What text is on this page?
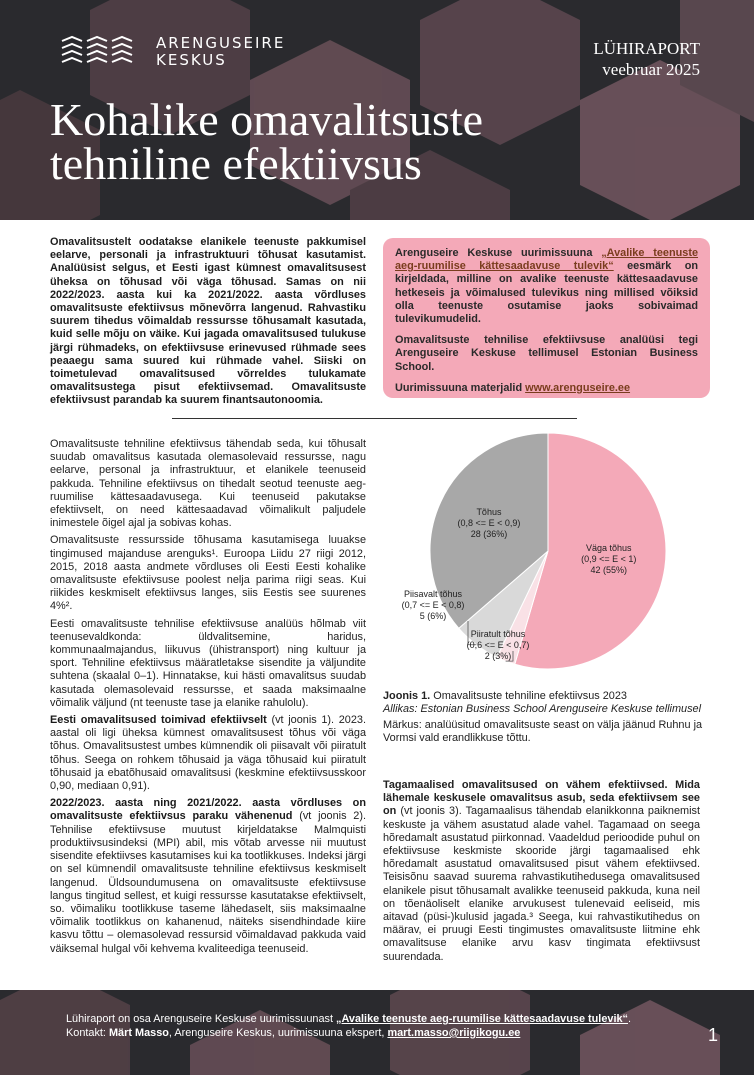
ARENGUSEIRE
KESKUS
LÜHIRAPORT
veebruar 2025
Kohalike omavalitsuste
tehniline efektiivsus
Omavalitsustelt oodatakse elanikele teenuste pakkumisel eelarve, personali ja infrastruktuuri tõhusat kasutamist. Analüüsist selgus, et Eesti igast kümnest omavalitsusest üheksa on tõhusad või väga tõhusad. Samas on nii 2022/2023. aasta kui ka 2021/2022. aasta võrdluses omavalitsuste efektiivsus mõnevõrra langenud. Rahvastiku suurem tihedus võimaldab ressursse tõhusamalt kasutada, kuid selle mõju on väike. Kui jagada omavalitsused tulukuse järgi rühmadeks, on efektiivsuse erinevused rühmade sees peaaegu sama suured kui rühmade vahel. Siiski on toimetulevad omavalitsused võrreldes tulukamate omavalitsustega pisut efektiivsemad. Omavalitsuste efektiivsust parandab ka suurem finantsautonoomia.

Arenguseire Keskuse uurimissuuna „Avalike teenuste aeg-ruumilise kättesaadavuse tulevik“ eesmärk on kirjeldada, milline on avalike teenuste kättesaadavuse hetkeseis ja võimalused tulevikus ning millised võiksid olla teenuste osutamise jaoks sobivaimad tulevikumudelid.

Omavalitsuste tehnilise efektiivsuse analüüsi tegi Arenguseire Keskuse tellimusel Estonian Business School.

Uurimissuuna materjalid www.arenguseire.ee

Omavalitsuste tehniline efektiivsus tähendab seda, kui tõhusalt suudab omavalitsus kasutada olemasolevaid ressursse, nagu eelarve, personal ja infrastruktuur, et elanikele teenuseid pakkuda. Tehniline efektiivsus on tihedalt seotud teenuste aeg-ruumilise kättesaadavusega. Kui teenuseid pakutakse efektiivselt, on need kättesaadavad võimalikult paljudele inimestele õigel ajal ja sobivas kohas.

Omavalitsuste ressursside tõhusama kasutamisega luuakse tingimused majanduse arenguks¹. Euroopa Liidu 27 riigi 2012, 2015, 2018 aasta andmete võrdluses oli Eesti Eesti kohalike omavalitsuste efektiivsuse poolest nelja parima riigi seas. Kui riikides keskmiselt efektiivsus langes, siis Eestis see suurenes 4%².

Eesti omavalitsuste tehnilise efektiivsuse analüüs hõlmab viit teenusevaldkonda: üldvalitsemine, haridus, kommunaalmajandus, liikuvus (ühistransport) ning kultuur ja sport. Tehniline efektiivsus määratletakse sisendite ja väljundite suhtena (skaalal 0–1). Hinnatakse, kui hästi omavalitsus suudab kasutada olemasolevaid ressursse, et saada maksimaalne võimalik väljund (nt teenuste tase ja elanike rahulolu).

Eesti omavalitsused toimivad efektiivselt (vt joonis 1). 2023. aastal oli ligi üheksa kümnest omavalitsusest tõhus või väga tõhus. Omavalitsustest umbes kümnendik oli piisavalt või piiratult tõhus. Seega on rohkem tõhusaid ja väga tõhusaid kui piiratult tõhusaid ja ebatõhusaid omavalitsusi (keskmine efektiivsusskoor 0,90, mediaan 0,91).

2022/2023. aasta ning 2021/2022. aasta võrdluses on omavalitsuste efektiivsus paraku vähenenud (vt joonis 2). Tehnilise efektiivsuse muutust kirjeldatakse Malmquisti produktiivsusindeksi (MPI) abil, mis võtab arvesse nii muutust sisendite efektiivses kasutamises kui ka tootlikkuses. Indeksi järgi on sel kümnendil omavalitsuste tehniline efektiivsus keskmiselt langenud. Üldsoundumusena on omavalitsuste efektiivsuse langus tingitud sellest, et kuigi ressursse kasutatakse efektiivselt, so. võimaliku tootlikkuse taseme lähedaselt, siis maksimaalne võimalik tootlikkus on kahanenud, näiteks sisendhindade kiire kasvu tõttu – olemasolevad ressursid võimaldavad pakkuda vaid väiksemal hulgal või kehvema kvaliteediga teenuseid.

Väga tõhus
(0,9 <= E < 1)
42 (55%)
Piiratult tõhus
(0,6 <= E < 0,7)
2 (3%)
Piisavalt tõhus
(0,7 <= E < 0,8)
5 (6%)
Tõhus
(0,8 <= E < 0,9)
28 (36%)
Joonis 1. Omavalitsuste tehniline efektiivsus 2023
Allikas: Estonian Business School Arenguseire Keskuse tellimusel
Märkus: analüüsitud omavalitsuste seast on välja jäänud Ruhnu ja Vormsi vald erandlikkuse tõttu.

Tagamaalised omavalitsused on vähem efektiivsed. Mida lähemale keskusele omavalitsus asub, seda efektiivsem see on (vt joonis 3). Tagamaalisus tähendab elanikkonna paiknemist keskuste ja vähem asustatud alade vahel. Tagamaad on seega hõredamalt asustatud piirkonnad. Vaadeldud perioodide puhul on efektiivsuse keskmiste skooride järgi tagamaalised ehk hõredamalt asustatud omavalitsused pisut vähem efektiivsed. Teisisõnu saavad suurema rahvastikutihedusega omavalitsused elanikele pisut tõhusamalt avalikke teenuseid pakkuda, kuna neil on tõenäoliselt elanike arvukusest tulenevaid eeliseid, mis aitavad (püsi-)kulusid jagada.³ Seega, kui rahvastikutihedus on määrav, ei pruugi Eesti tingimustes omavalitsuste liitmine ehk omavalitsuse elanike arvu kasv tingimata efektiivsust suurendada.

Lühiraport on osa Arenguseire Keskuse uurimissuunast „Avalike teenuste aeg-ruumilise kättesaadavuse tulevik“.
Kontakt: Märt Masso, Arenguseire Keskus, uurimissuuna ekspert, mart.masso@riigikogu.ee	1
